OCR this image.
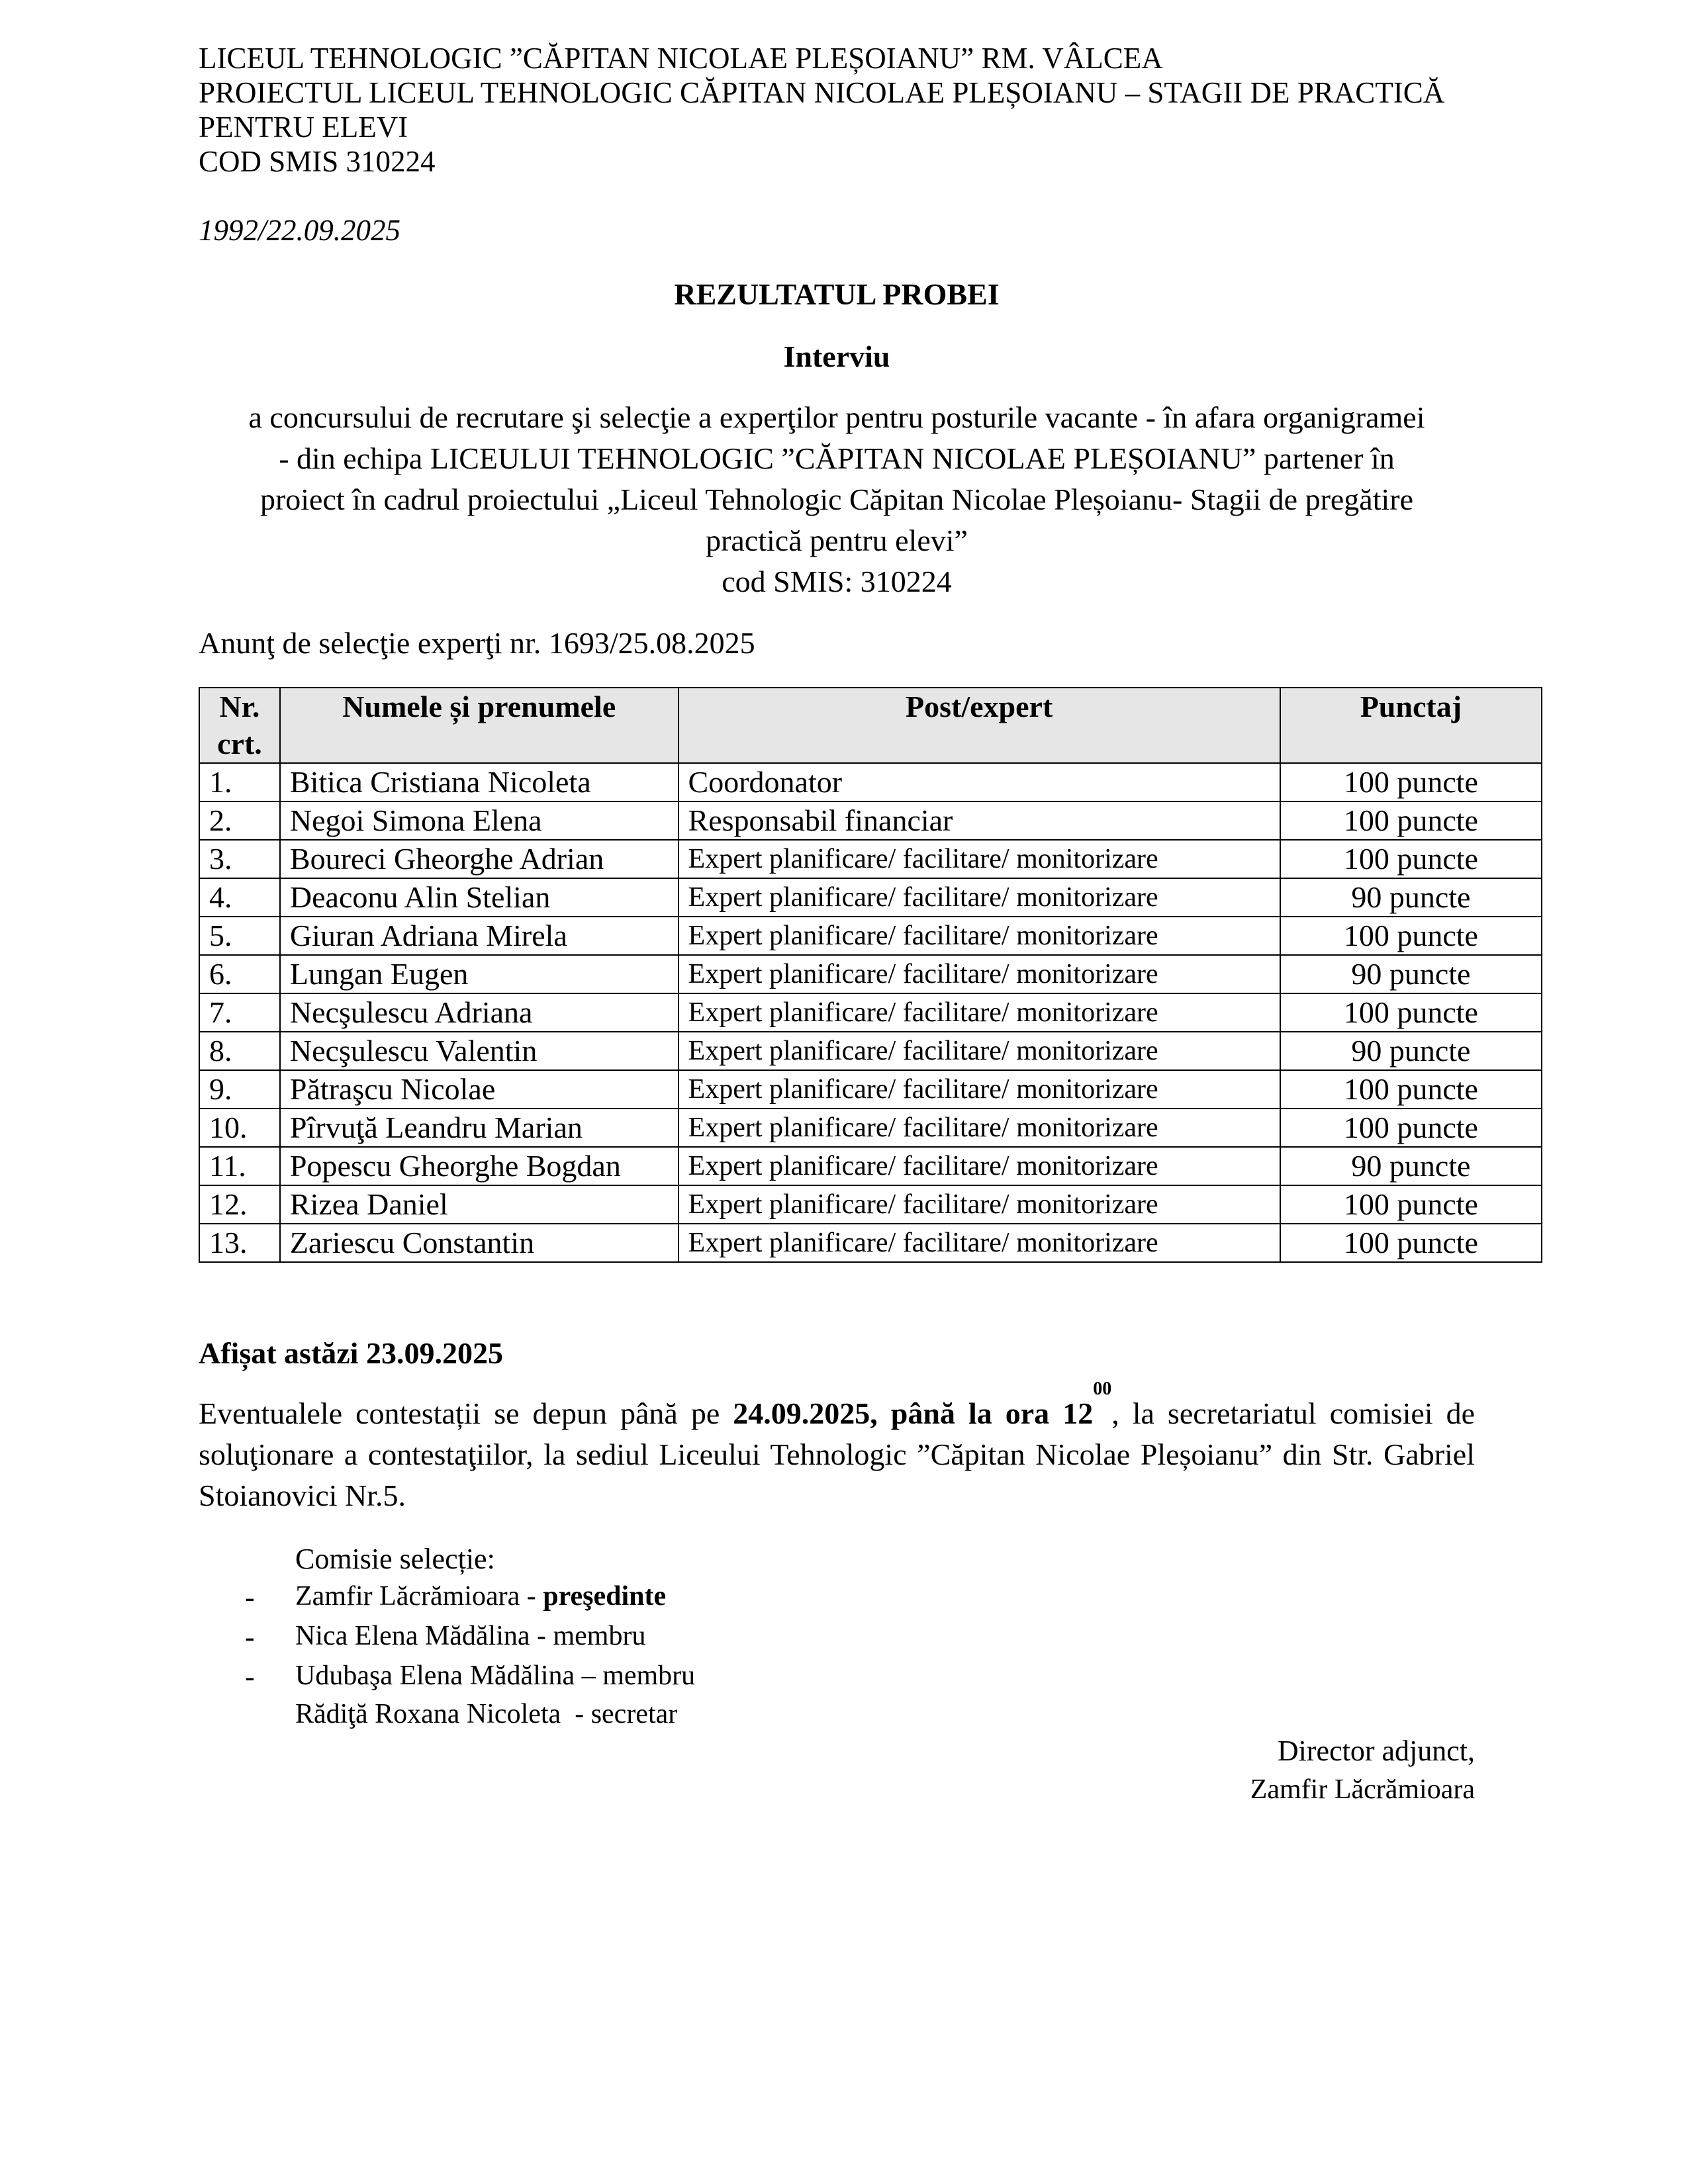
LICEUL TEHNOLOGIC ”CĂPITAN NICOLAE PLEȘOIANU” RM. VÂLCEA
PROIECTUL LICEUL TEHNOLOGIC CĂPITAN NICOLAE PLEȘOIANU – STAGII DE PRACTICĂ
PENTRU ELEVI
COD SMIS 310224
1992/22.09.2025
REZULTATUL PROBEI
Interviu
a concursului de recrutare şi selecţie a experţilor pentru posturile vacante - în afara organigramei
- din echipa LICEULUI TEHNOLOGIC ”CĂPITAN NICOLAE PLEȘOIANU” partener în
proiect în cadrul proiectului „Liceul Tehnologic Căpitan Nicolae Pleșoianu- Stagii de pregătire
practică pentru elevi”
cod SMIS: 310224
Anunţ de selecţie experţi nr. 1693/25.08.2025
Nr. crt.	Numele și prenumele	Post/expert	Punctaj
1.	Bitica Cristiana Nicoleta	Coordonator	100 puncte
2.	Negoi Simona Elena	Responsabil financiar	100 puncte
3.	Boureci Gheorghe Adrian	Expert planificare/ facilitare/ monitorizare	100 puncte
4.	Deaconu Alin Stelian	Expert planificare/ facilitare/ monitorizare	90 puncte
5.	Giuran Adriana Mirela	Expert planificare/ facilitare/ monitorizare	100 puncte
6.	Lungan Eugen	Expert planificare/ facilitare/ monitorizare	90 puncte
7.	Necşulescu Adriana	Expert planificare/ facilitare/ monitorizare	100 puncte
8.	Necşulescu Valentin	Expert planificare/ facilitare/ monitorizare	90 puncte
9.	Pătraşcu Nicolae	Expert planificare/ facilitare/ monitorizare	100 puncte
10.	Pîrvuţă Leandru Marian	Expert planificare/ facilitare/ monitorizare	100 puncte
11.	Popescu Gheorghe Bogdan	Expert planificare/ facilitare/ monitorizare	90 puncte
12.	Rizea Daniel	Expert planificare/ facilitare/ monitorizare	100 puncte
13.	Zariescu Constantin	Expert planificare/ facilitare/ monitorizare	100 puncte
Afișat astăzi 23.09.2025
Eventualele contestații se depun până pe 24.09.2025, până la ora $12^{00}$, la secretariatul comisiei de soluţionare a contestaţiilor, la sediul Liceului Tehnologic ”Căpitan Nicolae Pleșoianu” din Str. Gabriel Stoianovici Nr.5.
Comisie selecție:
- Zamfir Lăcrămioara - preşedinte
- Nica Elena Mădălina - membru
- Udubaşa Elena Mădălina – membru
Rădiţă Roxana Nicoleta  - secretar
Director adjunct,
Zamfir Lăcrămioara
